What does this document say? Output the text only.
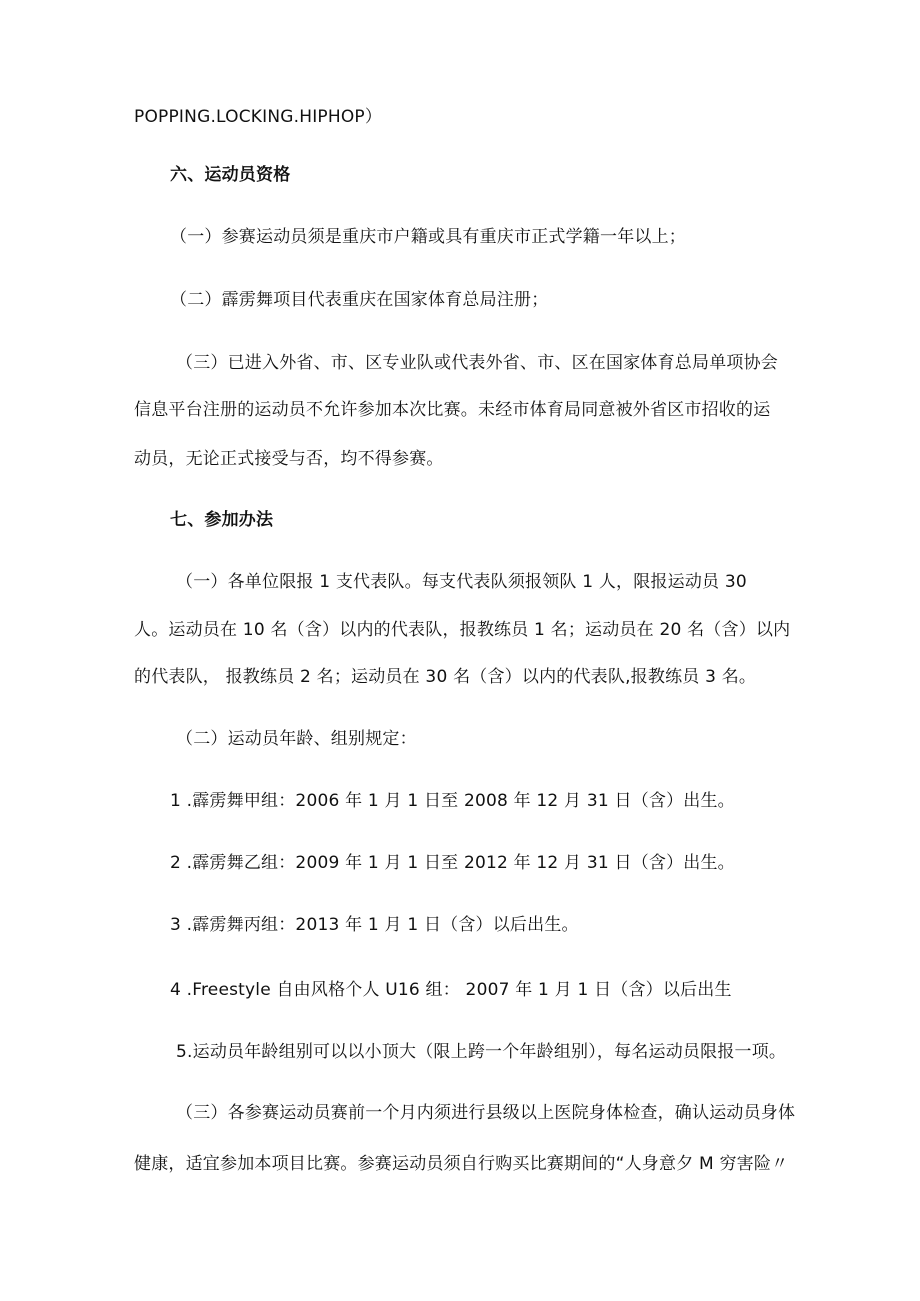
POPPING.LOCKING.HIPHOP）
六、运动员资格
（一）参赛运动员须是重庆市户籍或具有重庆市正式学籍一年以上；
（二）霹雳舞项目代表重庆在国家体育总局注册；
（三）已进入外省、市、区专业队或代表外省、市、区在国家体育总局单项协会
信息平台注册的运动员不允许参加本次比赛。未经市体育局同意被外省区市招收的运
动员，无论正式接受与否，均不得参赛。
七、参加办法
（一）各单位限报 1 支代表队。每支代表队须报领队 1 人，限报运动员 30
人。运动员在 10 名（含）以内的代表队，报教练员 1 名；运动员在 20 名（含）以内
的代表队， 报教练员 2 名；运动员在 30 名（含）以内的代表队,报教练员 3 名。
（二）运动员年龄、组别规定：
1 .霹雳舞甲组：2006 年 1 月 1 日至 2008 年 12 月 31 日（含）出生。
2 .霹雳舞乙组：2009 年 1 月 1 日至 2012 年 12 月 31 日（含）出生。
3 .霹雳舞丙组：2013 年 1 月 1 日（含）以后出生。
4 .Freestyle 自由风格个人 U16 组： 2007 年 1 月 1 日（含）以后出生
5.运动员年龄组别可以以小顶大（限上跨一个年龄组别），每名运动员限报一项。
（三）各参赛运动员赛前一个月内须进行县级以上医院身体检查，确认运动员身体
健康，适宜参加本项目比赛。参赛运动员须自行购买比赛期间的“人身意夕 M 穷害险〃
